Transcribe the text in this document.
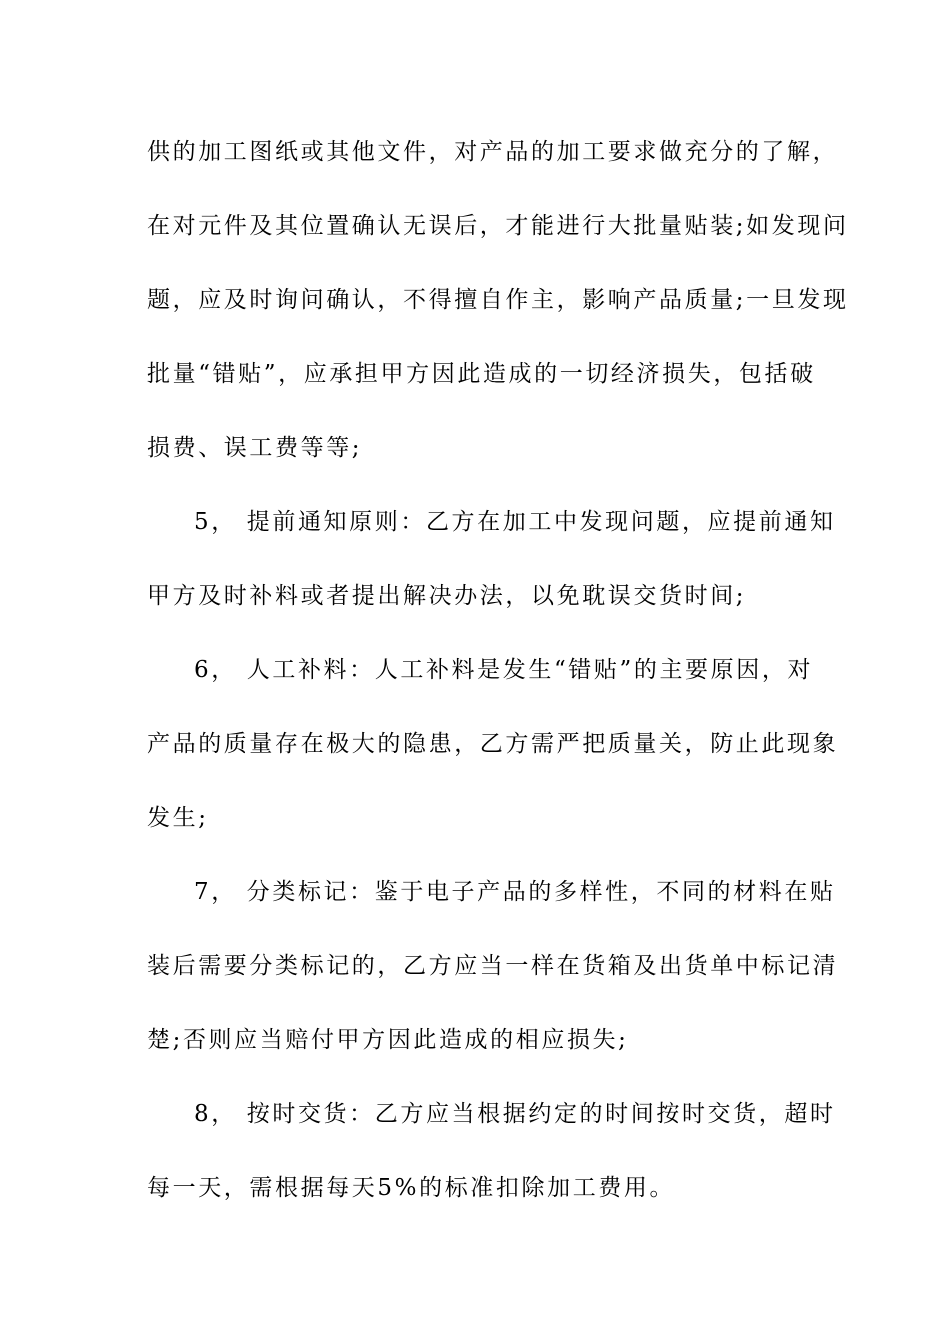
供的加工图纸或其他文件，对产品的加工要求做充分的了解，
在对元件及其位置确认无误后，才能进行大批量贴装;如发现问
题，应及时询问确认，不得擅自作主，影响产品质量;一旦发现
批量“错贴”，应承担甲方因此造成的一切经济损失，包括破
损费、误工费等等;
5， 提前通知原则：乙方在加工中发现问题，应提前通知
甲方及时补料或者提出解决办法，以免耽误交货时间;
6， 人工补料：人工补料是发生“错贴”的主要原因，对
产品的质量存在极大的隐患，乙方需严把质量关，防止此现象
发生;
7， 分类标记：鉴于电子产品的多样性，不同的材料在贴
装后需要分类标记的，乙方应当一样在货箱及出货单中标记清
楚;否则应当赔付甲方因此造成的相应损失;
8， 按时交货：乙方应当根据约定的时间按时交货，超时
每一天，需根据每天5%的标准扣除加工费用。
